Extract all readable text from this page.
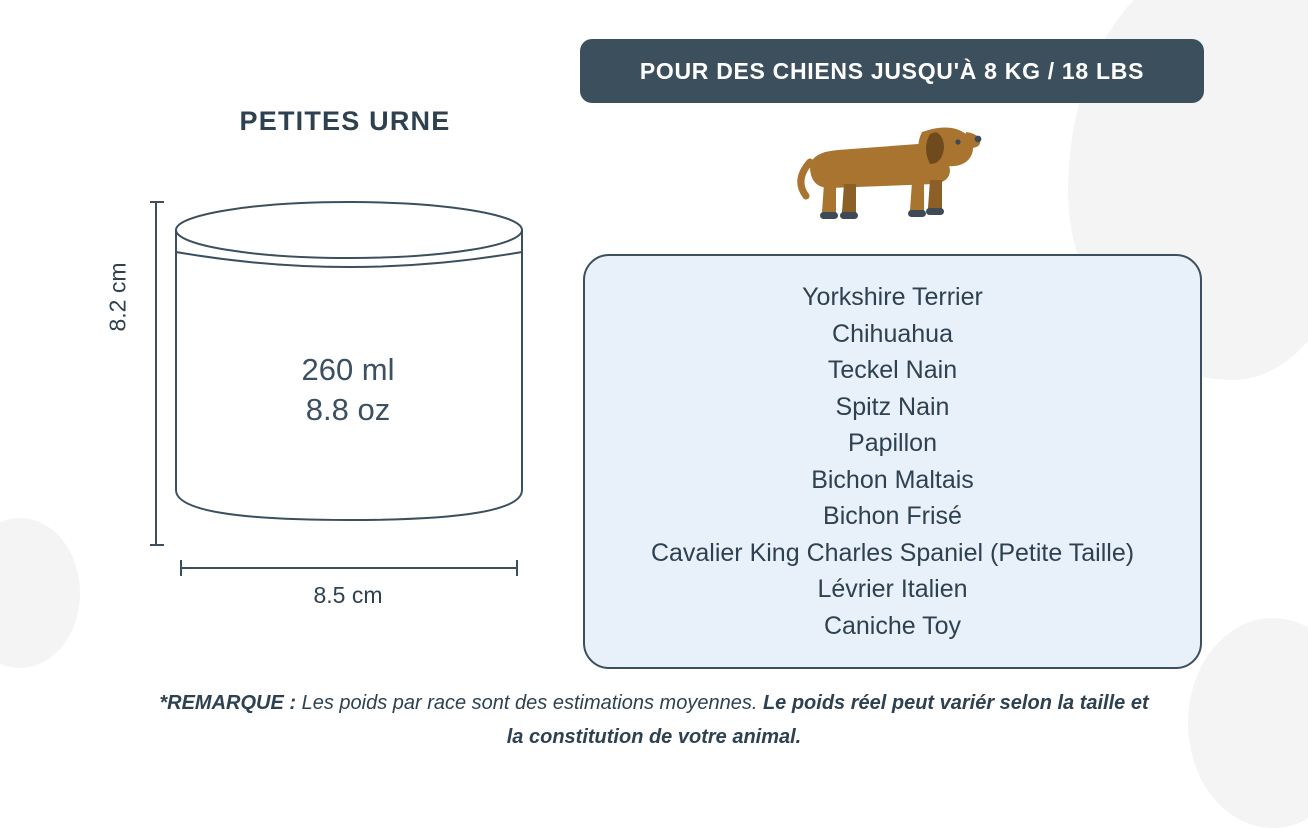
PETITES URNE
260 ml
8.8 oz
8.2 cm
8.5 cm
POUR DES CHIENS JUSQU'À 8 KG / 18 LBS
Yorkshire Terrier
Chihuahua
Teckel Nain
Spitz Nain
Papillon
Bichon Maltais
Bichon Frisé
Cavalier King Charles Spaniel (Petite Taille)
Lévrier Italien
Caniche Toy
*REMARQUE : Les poids par race sont des estimations moyennes. Le poids réel peut variér selon la taille et la constitution de votre animal.
